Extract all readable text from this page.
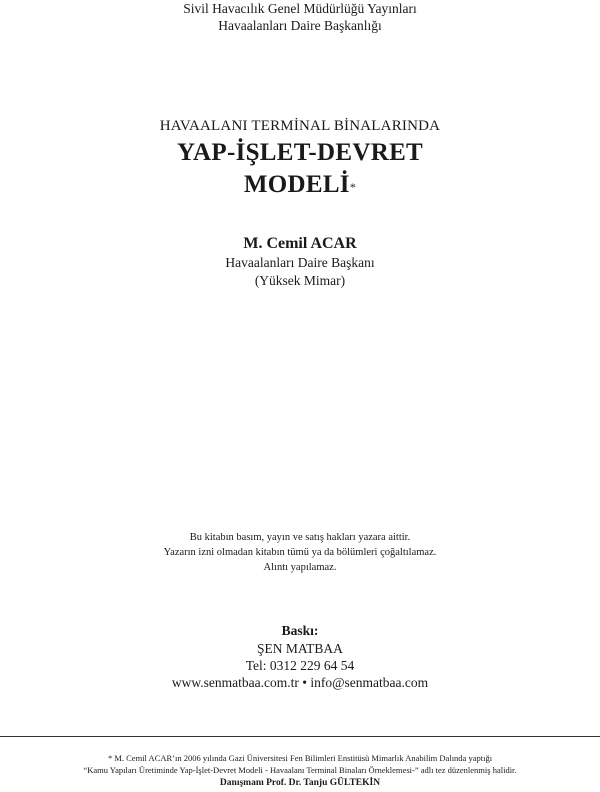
Sivil Havacılık Genel Müdürlüğü Yayınları
Havaalanları Daire Başkanlığı
HAVAALANI TERMİNAL BİNALARINDA
YAP-İŞLET-DEVRET
MODELİ*
M. Cemil ACAR
Havaalanları Daire Başkanı
(Yüksek Mimar)
Bu kitabın basım, yayın ve satış hakları yazara aittir.
Yazarın izni olmadan kitabın tümü ya da bölümleri çoğaltılamaz.
Alıntı yapılamaz.
Baskı:
ŞEN MATBAA
Tel: 0312 229 64 54
www.senmatbaa.com.tr • info@senmatbaa.com
* M. Cemil ACAR’ın 2006 yılında Gazi Üniversitesi Fen Bilimleri Enstitüsü Mimarlık Anabilim Dalında yaptığı
“Kamu Yapıları Üretiminde Yap-İşlet-Devret Modeli - Havaalanı Terminal Binaları Örneklemesi-” adlı tez düzenlenmiş halidir.
Danışmanı Prof. Dr. Tanju GÜLTEKİN
